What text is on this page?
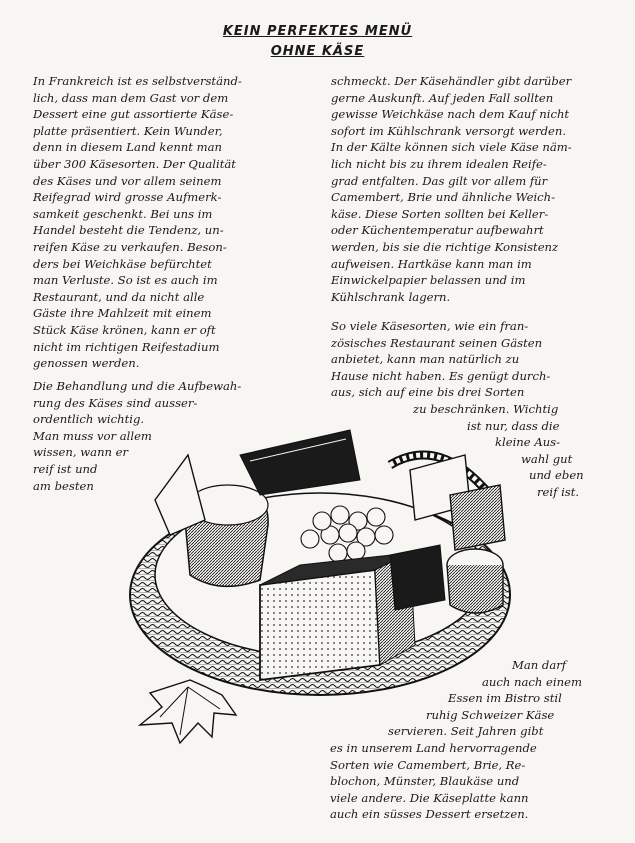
KEIN PERFEKTES MENÜ
OHNE KÄSE
In Frankreich ist es selbstverständ-
lich, dass man dem Gast vor dem
Dessert eine gut assortierte Käse-
platte präsentiert. Kein Wunder,
denn in diesem Land kennt man
über 300 Käsesorten. Der Qualität
des Käses und vor allem seinem
Reifegrad wird grosse Aufmerk-
samkeit geschenkt. Bei uns im
Handel besteht die Tendenz, un-
reifen Käse zu verkaufen. Beson-
ders bei Weichkäse befürchtet
man Verluste. So ist es auch im
Restaurant, und da nicht alle
Gäste ihre Mahlzeit mit einem
Stück Käse krönen, kann er oft
nicht im richtigen Reifestadium
genossen werden.
Die Behandlung und die Aufbewah-
rung des Käses sind ausser-
ordentlich wichtig.
Man muss vor allem
wissen, wann er
reif ist und
am besten
schmeckt. Der Käsehändler gibt darüber
gerne Auskunft. Auf jeden Fall sollten
gewisse Weichkäse nach dem Kauf nicht
sofort im Kühlschrank versorgt werden.
In der Kälte können sich viele Käse näm-
lich nicht bis zu ihrem idealen Reife-
grad entfalten. Das gilt vor allem für
Camembert, Brie und ähnliche Weich-
käse. Diese Sorten sollten bei Keller-
oder Küchentemperatur aufbewahrt
werden, bis sie die richtige Konsistenz
aufweisen. Hartkäse kann man im
Einwickelpapier belassen und im
Kühlschrank lagern.
So viele Käsesorten, wie ein fran-
zösisches Restaurant seinen Gästen
anbietet, kann man natürlich zu
Hause nicht haben. Es genügt durch-
aus, sich auf eine bis drei Sorten
zu beschränken. Wichtig
ist nur, dass die
kleine Aus-
wahl gut
und eben
reif ist.
Man darf
auch nach einem
Essen im Bistro stil
ruhig Schweizer Käse
servieren. Seit Jahren gibt
es in unserem Land hervorragende
Sorten wie Camembert, Brie, Re-
blochon, Münster, Blaukäse und
viele andere. Die Käseplatte kann
auch ein süsses Dessert ersetzen.
